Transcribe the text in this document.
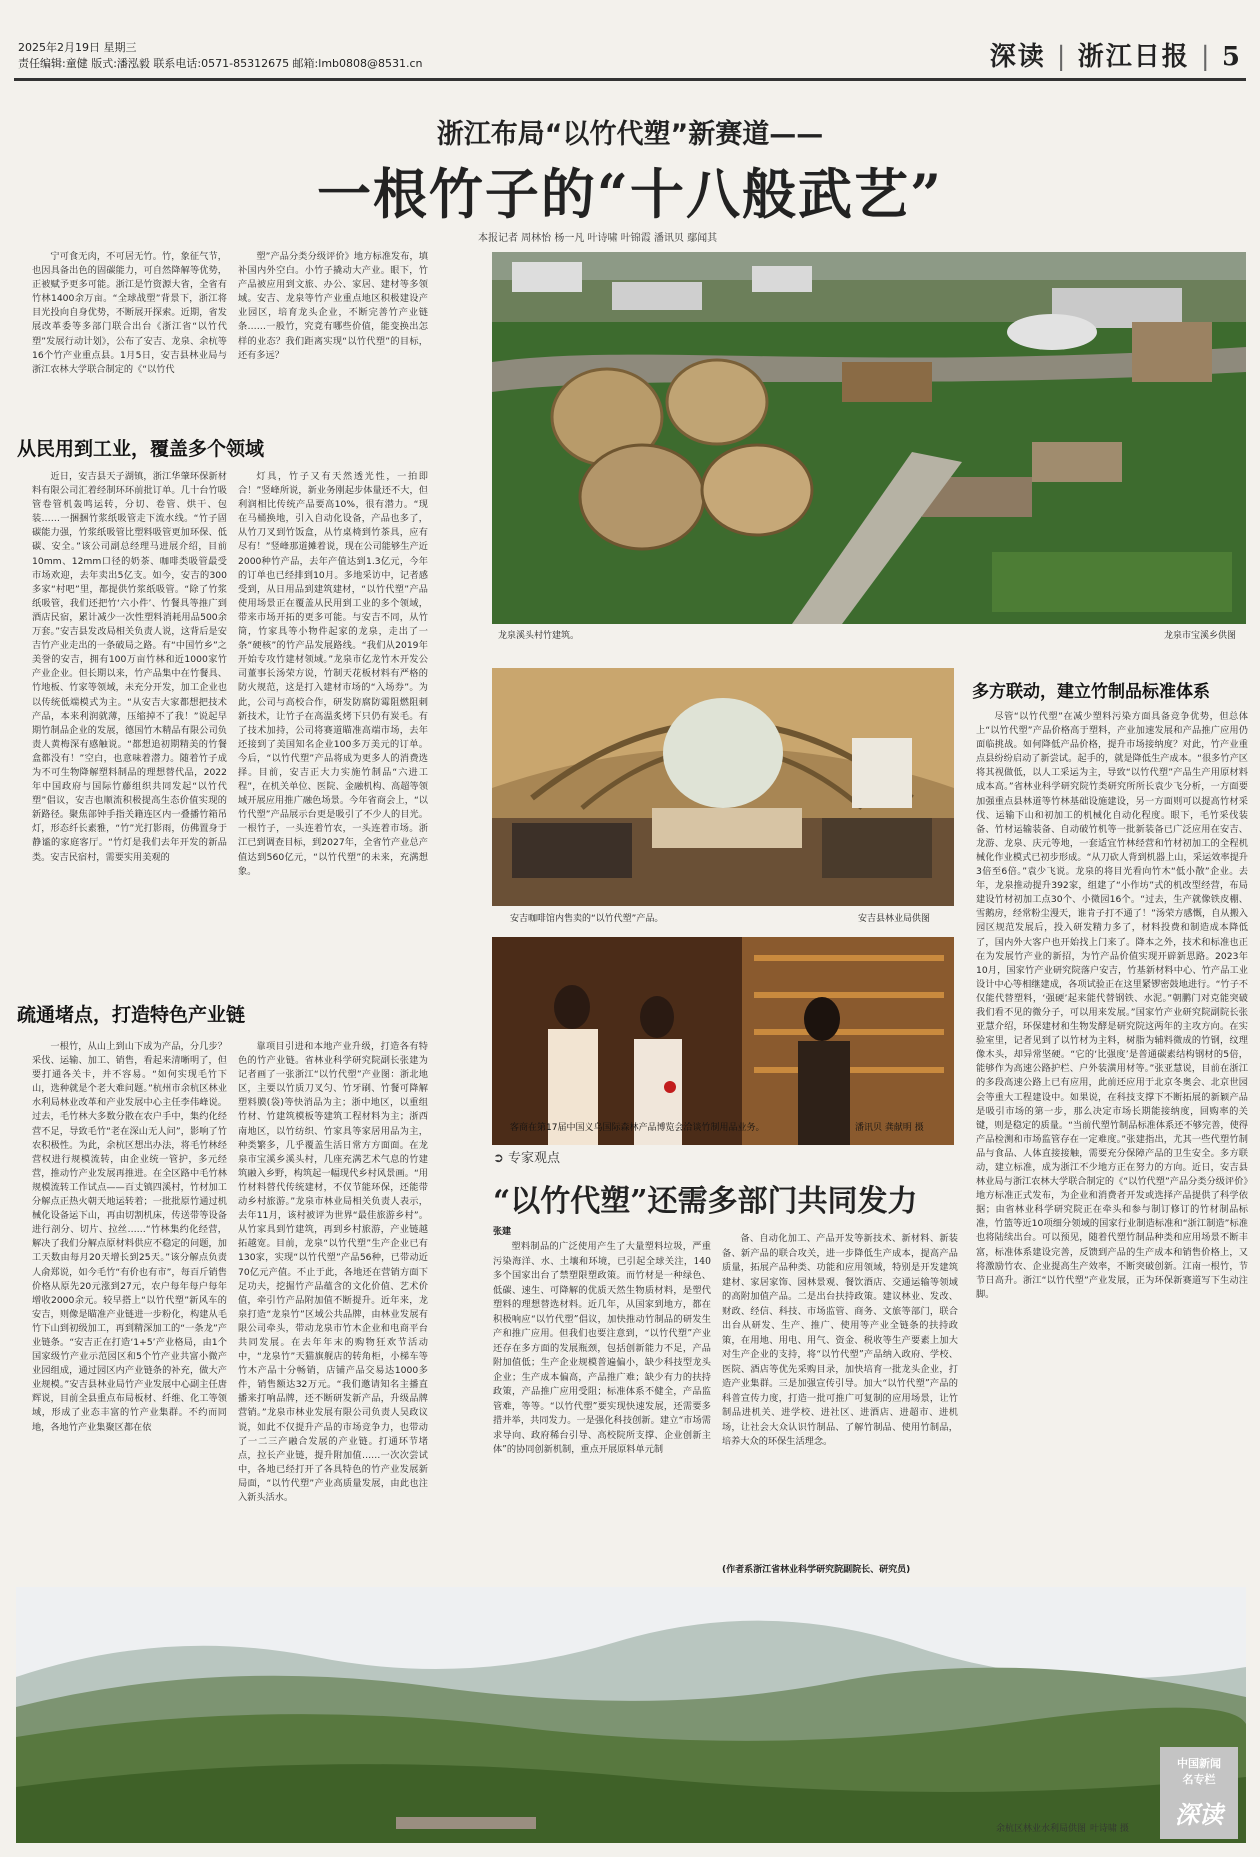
2025年2月19日 星期三
责任编辑:童健 版式:潘泓毅 联系电话:0571-85312675 邮箱:lmb0808@8531.cn	深读 | 浙江日报 | 5
浙江布局“以竹代塑”新赛道——
一根竹子的“十八般武艺”
本报记者 周林怡 杨一凡 叶诗啸 叶锦霞 潘讯贝 鄢闻其

宁可食无肉，不可居无竹。竹，象征气节，也因具备出色的固碳能力，可自然降解等优势，正被赋予更多可能。浙江是竹资源大省，全省有竹林1400余万亩。“全球战塑”背景下，浙江将目光投向自身优势，不断展开探索。近期，省发展改革委等多部门联合出台《浙江省“以竹代塑”发展行动计划》，公布了安吉、龙泉、余杭等16个竹产业重点县。1月5日，安吉县林业局与浙江农林大学联合制定的《“以竹代

塑”产品分类分级评价》地方标准发布，填补国内外空白。小竹子撬动大产业。眼下，竹产品被应用到文旅、办公、家居、建材等多领域。安吉、龙泉等竹产业重点地区积极建设产业园区，培育龙头企业，不断完善竹产业链条……一般竹，究竟有哪些价值，能变换出怎样的业态？我们距离实现“以竹代塑”的目标，还有多远？

从民用到工业，覆盖多个领域

近日，安吉县天子湖镇，浙江华肇环保新材料有限公司汇着经制环环前批订单。几十台竹吸管卷管机轰鸣运转，分切、卷管、烘干、包装……一捆捆竹浆纸吸管走下流水线。“竹子固碳能力强，竹浆纸吸管比塑料吸管更加环保、低碳、安全。”该公司副总经理马进展介绍，目前10mm、12mm口径的奶茶、咖啡类吸管最受市场欢迎，去年卖出5亿支。如今，安吉的300多家“村吧”里，都提供竹浆纸吸管。“除了竹浆纸吸管，我们还把竹‘六小件’、竹餐具等推广到酒店民宿，累计减少一次性塑料消耗用品500余万套。”安吉县发改局相关负责人说，这背后是安吉竹产业走出的一条破局之路。有“中国竹乡”之美誉的安吉，拥有100万亩竹林和近1000家竹产业企业。但长期以来，竹产品集中在竹餐具、竹地板、竹家等领域，未充分开发，加工企业也以传统低端模式为主。“从安吉大家都想把技术产品，本来利润就薄，压缩掉不了我！”说起早期竹制品企业的发展，德国竹木精品有限公司负责人黄梅深有感触说。“都想追初期精美的竹餐盒都没有！”空白，也意味着潜力。随着竹子成为不可生物降解塑料制品的理想替代品，2022年中国政府与国际竹藤组织共同发起“以竹代塑”倡议，安吉也顺流积极提高生态价值实现的新路径。聚焦部钟手指关籍连区内一叠播竹箱吊灯，形态纤长素雅，“竹”光打影雨，仿佛置身于静谧的家庭客厅。“竹灯是我们去年开发的新品类。安吉民宿村，需要实用美观的

灯具，竹子又有天然透光性，一拍即合！”竖峰所说，新业务刚起步体量还不大，但利润相比传统产品要高10%，很有潜力。“现在马桶换地，引入自动化设备，产品也多了，从竹刀叉到竹饭盒，从竹桌椅到竹茶具，应有尽有！”竖峰那道摊着说，现在公司能够生产近2000种竹产品，去年产值达到1.3亿元，今年的订单也已经排到10月。多地采访中，记者感受到，从日用品到建筑建材，“以竹代塑”产品使用场景正在覆盖从民用到工业的多个领域，带来市场开拓的更多可能。与安吉不同，从竹筒，竹家具等小物件起家的龙泉，走出了一条“硬核”的竹产品发展路线。“我们从2019年开始专攻竹建材领域。”龙泉市亿龙竹木开发公司董事长汤荣方说，竹制天花板材料有严格的防火规范，这是打入建材市场的“入场券”。为此，公司与高校合作，研发防腐防霉阻燃阻刺新技术，让竹子在高温炙烤下只仍有炭毛。有了技术加持，公司将赛道瞄准高端市场，去年还接到了美国知名企业100多万美元的订单。今后，“以竹代塑”产品将成为更多人的消费选择。目前，安吉正大力实施竹制品“六进工程”，在机关单位、医院、金融机构、高超等领域开展应用推广融色场景。今年省商会上，“以竹代塑”产品展示台更是吸引了不少人的目光。一根竹子，一头连着竹农，一头连着市场。浙江已到调查目标，到2027年，全省竹产业总产值达到560亿元，“以竹代塑”的未来，充满想象。

疏通堵点，打造特色产业链

一根竹，从山上到山下成为产品，分几步？采伐、运输、加工、销售，看起来清晰明了，但要打通各关卡，并不容易。“如何实现毛竹下山，选种就是个老大难问题。”杭州市余杭区林业水利局林业改革和产业发展中心主任李伟峰说。过去，毛竹林大多数分散在农户手中，集约化经营不足，导致毛竹“老在深山无人问”，影响了竹农积极性。为此，余杭区想出办法，将毛竹林经营权进行规模流转，由企业统一管护，多元经营，推动竹产业发展再推进。在全区路中毛竹林规模流转工作试点——百丈镇四溪村，竹材加工分解点正热火朝天地运转着；一批批原竹通过机械化设备运下山，再由切割机床，传送带等设备进行剖分、切片、拉丝……“竹林集约化经营，解决了我们分解点原材料供应不稳定的问题，加工天数由每月20天增长到25天。”该分解点负责人俞郑说，如今毛竹“有价也有市”，每百斤销售价格从原先20元涨到27元，农户每年每户每年增收2000余元。较早搭上“以竹代塑”新风车的安吉，则像是瞄准产业链进一步粉化，构建从毛竹下山到初级加工，再到精深加工的“一条龙”产业链条。“安吉正在打造‘1+5’产业格局，由1个国家级竹产业示范园区和5个竹产业共富小微产业园组成，通过园区内产业链条的补充，做大产业规模。”安吉县林业局竹产业发展中心副主任唐辉说，目前全县重点布局板材、纤维、化工等领域，形成了业态丰富的竹产业集群。不约而同地，各地竹产业集聚区都在依

靠项目引进和本地产业升级，打造各有特色的竹产业链。省林业科学研究院副长张建为记者画了一张浙江“以竹代塑”产业图：浙北地区，主要以竹质刀叉匀、竹牙刷、竹餐可降解塑料膜(袋)等快消品为主；浙中地区，以重组竹材、竹建筑模板等建筑工程材料为主；浙西南地区，以竹纺织、竹家具等家居用品为主，种类繁多，几乎覆盖生活日常方方面面。在龙泉市宝溪乡溪头村，几座充满艺术气息的竹建筑融入乡野，构筑起一幅现代乡村风景画。“用竹材料替代传统建材，不仅节能环保，还能带动乡村旅游。”龙泉市林业局相关负责人表示，去年11月，该村被评为世界“最佳旅游乡村”。从竹家具到竹建筑，再到乡村旅游，产业链越拓越宽。目前，龙泉“以竹代塑”生产企业已有130家，实现“以竹代塑”产品56种，已带动近70亿元产值。不止于此，各地还在营销方面下足功夫，挖掘竹产品蕴含的文化价值、艺术价值，牵引竹产品附加值不断提升。近年来，龙泉打造“龙泉竹”区域公共品牌，由林业发展有限公司牵头，带动龙泉市竹木企业和电商平台共同发展。在去年年末的购物狂欢节活动中，“龙泉竹”天猫旗舰店的转角柜，小梯车等竹木产品十分畅销，店铺产品交易达1000多件，销售额达32万元。“我们邀请知名主播直播来打响品牌，还不断研发新产品，升级品牌营销。”龙泉市林业发展有限公司负责人吴政议说，如此不仅提升产品的市场竞争力，也带动了一二三产融合发展的产业链。打通环节堵点，拉长产业链，提升附加值……一次次尝试中，各地已经打开了各具特色的竹产业发展新局面，“以竹代塑”产业高质量发展，由此也注入新头活水。

龙泉溪头村竹建筑。	龙泉市宝溪乡供图
安吉咖啡馆内售卖的“以竹代塑”产品。	安吉县林业局供图
客商在第17届中国义乌国际森林产品博览会洽谈竹制用品业务。	潘讯贝 龚献明 摄
多方联动，建立竹制品标准体系

尽管“以竹代塑”在减少塑料污染方面具备竞争优势，但总体上“以竹代塑”产品价格高于塑料，产业加速发展和产品推广应用仍面临挑战。如何降低产品价格，提升市场接纳度？对此，竹产业重点县纷纷启动了新尝试。起手的，就是降低生产成本。“很多竹产区将其视做低，以人工采运为主，导致“以竹代塑”产品生产用原材料成本高。”省林业科学研究院竹类研究所所长袁少飞分析，一方面要加强重点县林道等竹林基础设施建设，另一方面则可以提高竹材采伐、运输下山和初加工的机械化自动化程度。眼下，毛竹采伐装备、竹材运输装备、自动破竹机等一批新装备已广泛应用在安吉、龙游、龙泉、庆元等地，一套适宜竹林经营和竹材初加工的全程机械化作业模式已初步形成。“从刀砍人背到机器上山，采运效率提升3倍至6倍。”袁少飞说。龙泉的将目光看向竹木“低小散”企业。去年，龙泉推动提升392家，组建了“小作坊”式的机改型经营，布局建设竹材初加工点30个、小微园16个。“过去，生产就像铁皮棚、雪鹅房，经常粉尘漫天，谁肯子打不通了！”汤荣方感慨，自从搬入园区规范发展后，投入研发精力多了，材料投费和制造成本降低了，国内外大客户也开始找上门来了。降本之外，技术和标准也正在为发展竹产业的新招，为竹产品价值实现开辟新思路。2023年10月，国家竹产业研究院落户安吉，竹基新材料中心、竹产品工业设计中心等相继建成，各项试验正在这里紧锣密鼓地进行。“竹子不仅能代替塑料，‘强硬’起来能代替钢铁、水泥。”朝鹏门对克能突破我们看不见的微分子，可以用来发展。”国家竹产业研究院副院长张亚慧介绍，环保建材和生物发酵是研究院这两年的主攻方向。在实验室里，记者见到了以竹材为主料，树脂为辅料微成的竹钢，纹理像木头，却异常坚硬。“它的‘比强度’是普通碳素结构钢材的5倍，能够作为高速公路护栏、户外装潢用材等。”张亚慧说，目前在浙江的多段高速公路上已有应用，此前还应用于北京冬奥会、北京世园会等重大工程建设中。如果说，在科技支撑下不断拓展的新颖产品是吸引市场的第一步，那么决定市场长期能接纳度，回购率的关键，则是稳定的质量。“当前代塑竹制品标准体系还不够完善，使得产品检测和市场监管存在一定难度。”张建指出，尤其一些代塑竹制品与食品、人体直接接触，需要充分保障产品的卫生安全。多方联动，建立标准，成为浙江不少地方正在努力的方向。近日，安吉县林业局与浙江农林大学联合制定的《“以竹代塑”产品分类分级评价》地方标准正式发布，为企业和消费者开发或选择产品提供了科学依据；由省林业科学研究院正在牵头和参与制订修订的竹材制品标准，竹篮等近10项细分领域的国家行业制造标准和“浙江制造”标准也将陆续出台。可以预见，随着代塑竹制品种类和应用场景不断丰富，标准体系建设完善，反馈到产品的生产成本和销售价格上，又将激励竹农、企业提高生产效率，不断突破创新。江南一根竹，节节日高升。浙江“以竹代塑”产业发展，正为环保新赛道写下生动注脚。

➲ 专家观点
“以竹代塑”还需多部门共同发力
张建

塑料制品的广泛使用产生了大量塑料垃圾，严重污染海洋、水、土壤和环境，已引起全球关注，140多个国家出台了禁塑限塑政策。而竹材是一种绿色、低碳、速生、可降解的优质天然生物质材料，是塑代塑料的理想替选材料。近几年，从国家到地方，都在积极响应“以竹代塑”倡议，加快推动竹制品的研发生产和推广应用。但我们也要注意到，“以竹代塑”产业还存在多方面的发展瓶颈，包括创新能力不足，产品附加值低；生产企业规模普遍偏小，缺少科技型龙头企业；生产成本偏高，产品推广难；缺少有力的扶持政策，产品推广应用受阻；标准体系不健全，产品监管难，等等。“以竹代塑”要实现快速发展，还需要多措并举，共同发力。一是强化科技创新。建立“市场需求导向、政府稀台引导、高校院所支撑、企业创新主体”的协同创新机制，重点开展原料单元制

备、自动化加工、产品开发等新技术、新材料、新装备、新产品的联合攻关，进一步降低生产成本，提高产品质量，拓展产品种类、功能和应用领域，特别是开发建筑建材、家居家饰、园林景观、餐饮酒店、交通运输等领域的高附加值产品。二是出台扶持政策。建议林业、发改、财政、经信、科技、市场监管、商务、文旅等部门，联合出台从研发、生产、推广、使用等产业全链条的扶持政策，在用地、用电、用气、资金、税收等生产要素上加大对生产企业的支持，将“以竹代塑”产品纳入政府、学校、医院、酒店等优先采购目录，加快培育一批龙头企业，打造产业集群。三是加强宣传引导。加大“以竹代塑”产品的科普宣传力度，打造一批可推广可复制的应用场景，让竹制品进机关、进学校、进社区、进酒店、进超市、进机场，让社会大众认识竹制品、了解竹制品、使用竹制品，培养大众的环保生活理念。

(作者系浙江省林业科学研究院副院长、研究员)
余杭区林业水利局供图 叶诗啸 摄
中国新闻
名专栏
深读
